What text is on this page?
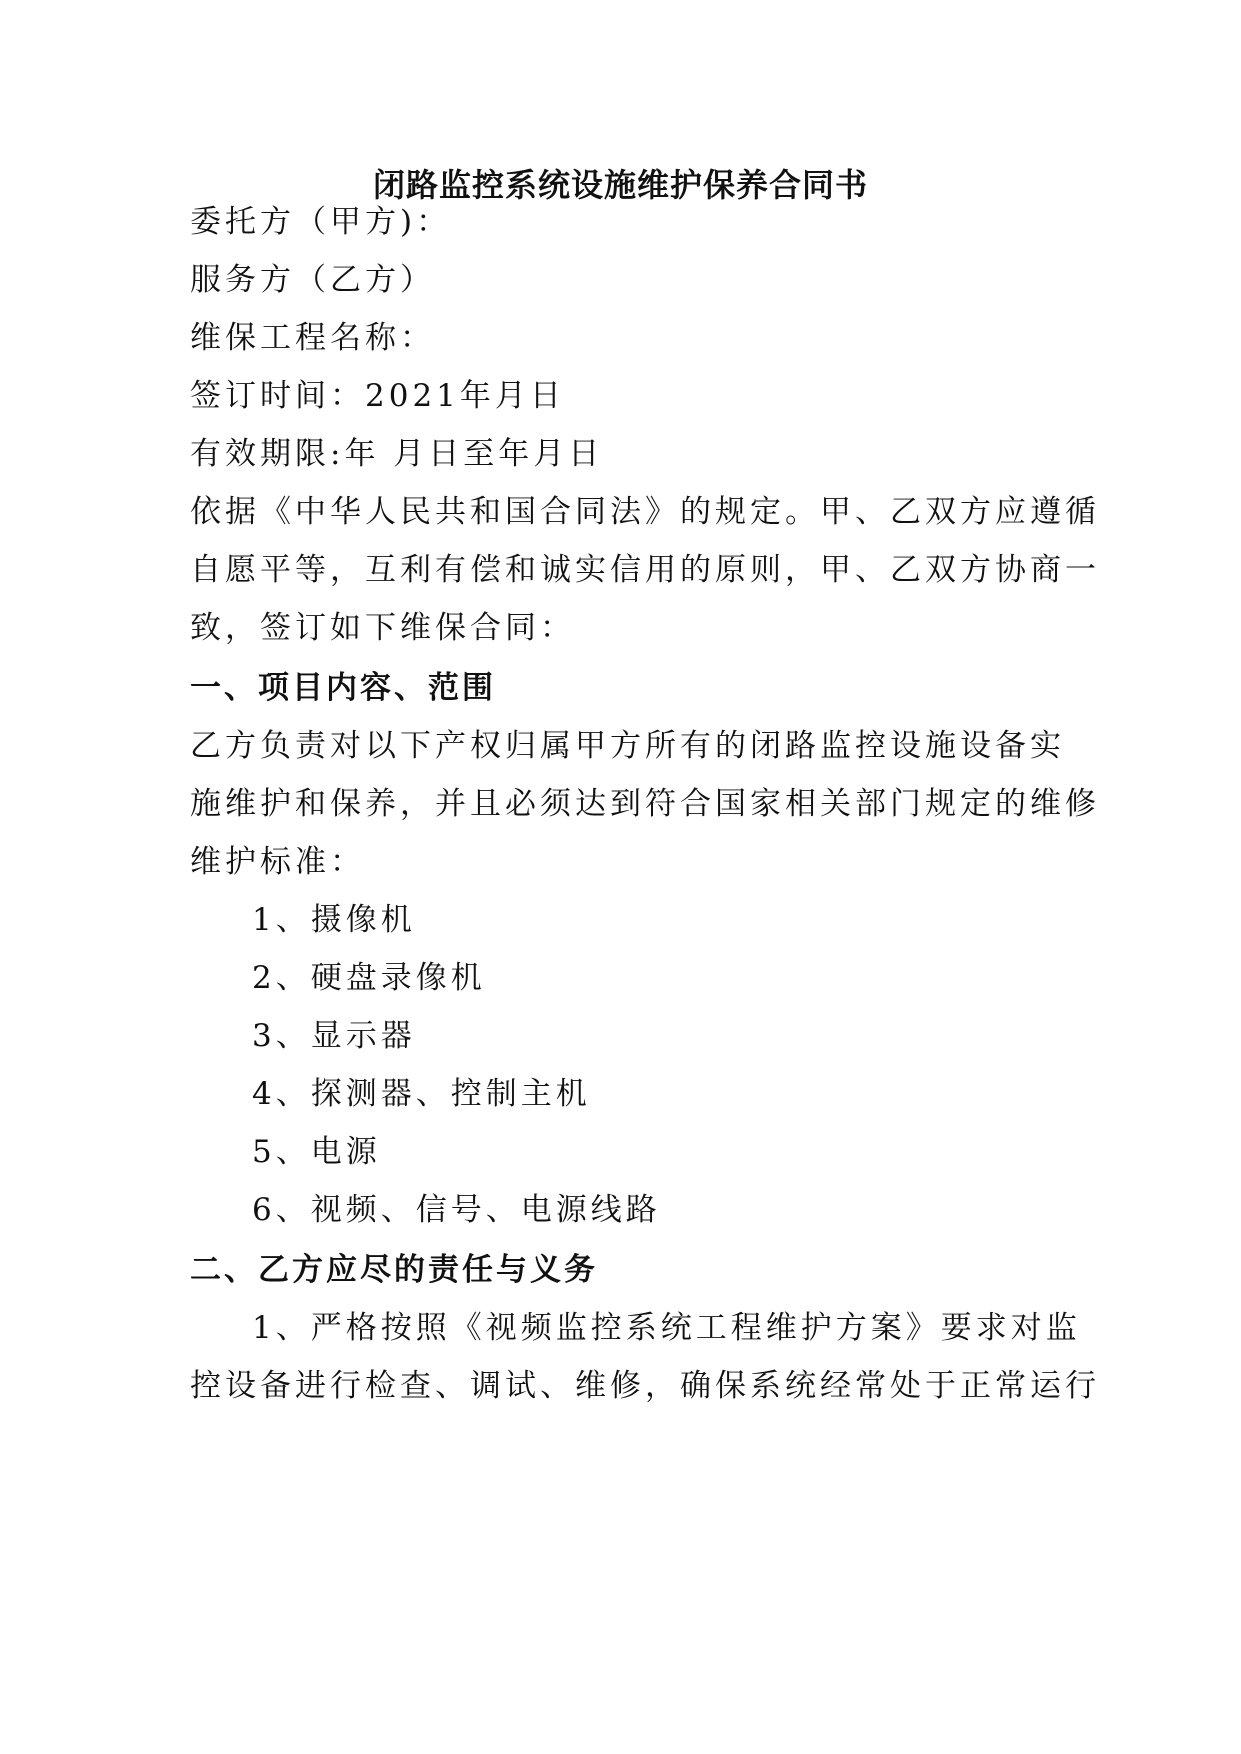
闭路监控系统设施维护保养合同书

委托方（甲方)：

服务方（乙方）

维保工程名称：

签订时间：2021年月日

有效期限:年 月日至年月日

依据《中华人民共和国合同法》的规定。甲、乙双方应遵循

自愿平等，互利有偿和诚实信用的原则，甲、乙双方协商一

致，签订如下维保合同：

一、项目内容、范围

乙方负责对以下产权归属甲方所有的闭路监控设施设备实

施维护和保养，并且必须达到符合国家相关部门规定的维修

维护标准：

1、摄像机

2、硬盘录像机

3、显示器

4、探测器、控制主机

5、电源

6、视频、信号、电源线路

二、乙方应尽的责任与义务

1、严格按照《视频监控系统工程维护方案》要求对监

控设备进行检查、调试、维修，确保系统经常处于正常运行
